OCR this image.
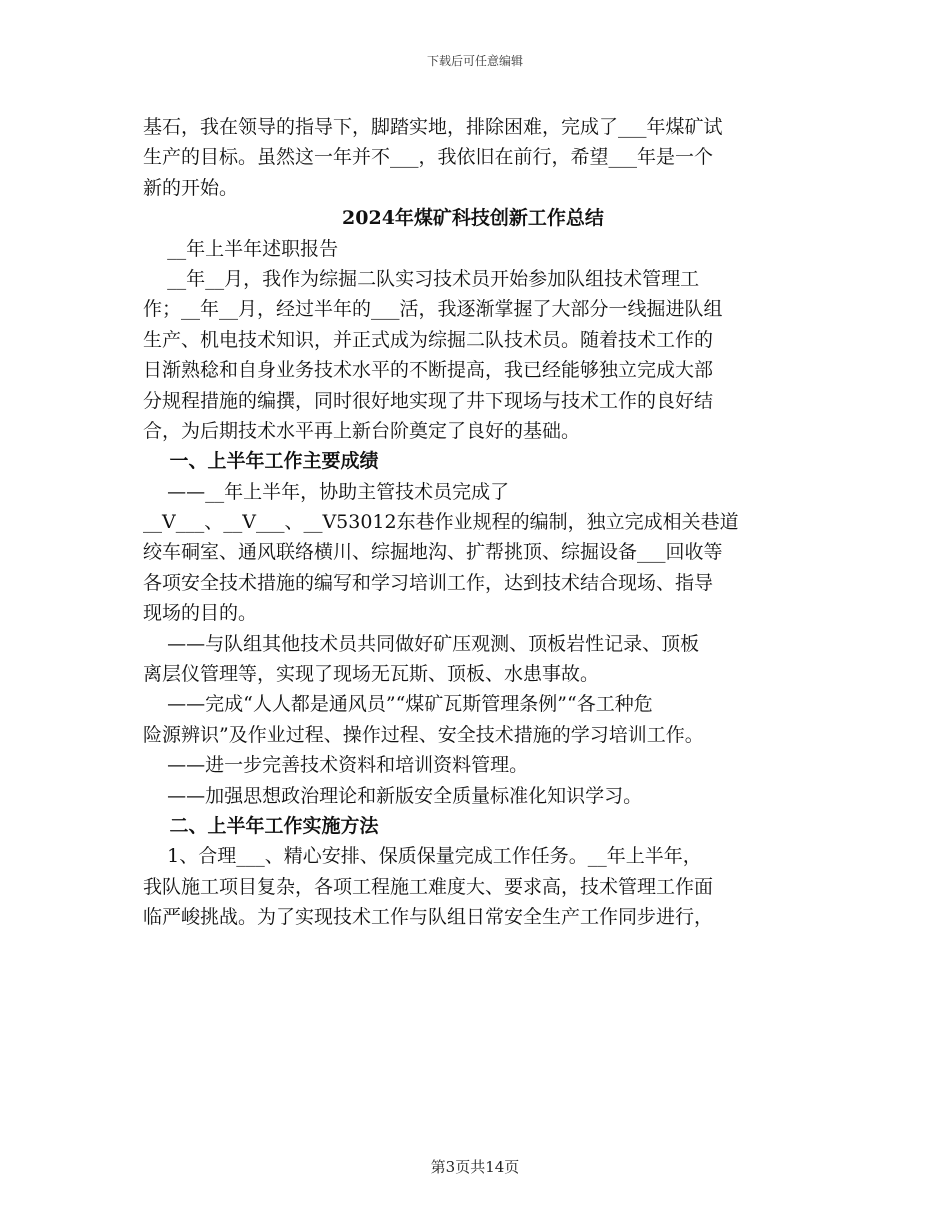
下载后可任意编辑
基石，我在领导的指导下，脚踏实地，排除困难，完成了___年煤矿试
生产的目标。虽然这一年并不___，我依旧在前行，希望___年是一个
新的开始。
2024年煤矿科技创新工作总结
__年上半年述职报告
__年__月，我作为综掘二队实习技术员开始参加队组技术管理工
作；__年__月，经过半年的___活，我逐渐掌握了大部分一线掘进队组
生产、机电技术知识，并正式成为综掘二队技术员。随着技术工作的
日渐熟稔和自身业务技术水平的不断提高，我已经能够独立完成大部
分规程措施的编撰，同时很好地实现了井下现场与技术工作的良好结
合，为后期技术水平再上新台阶奠定了良好的基础。
一、上半年工作主要成绩
——__年上半年，协助主管技术员完成了
__V___、__V___、__V53012东巷作业规程的编制，独立完成相关巷道
绞车硐室、通风联络横川、综掘地沟、扩帮挑顶、综掘设备___回收等
各项安全技术措施的编写和学习培训工作，达到技术结合现场、指导
现场的目的。
——与队组其他技术员共同做好矿压观测、顶板岩性记录、顶板
离层仪管理等，实现了现场无瓦斯、顶板、水患事故。
——完成“人人都是通风员”“煤矿瓦斯管理条例”“各工种危
险源辨识”及作业过程、操作过程、安全技术措施的学习培训工作。
——进一步完善技术资料和培训资料管理。
——加强思想政治理论和新版安全质量标准化知识学习。
二、上半年工作实施方法
1、合理___、精心安排、保质保量完成工作任务。__年上半年，
我队施工项目复杂，各项工程施工难度大、要求高，技术管理工作面
临严峻挑战。为了实现技术工作与队组日常安全生产工作同步进行，
第3页共14页
